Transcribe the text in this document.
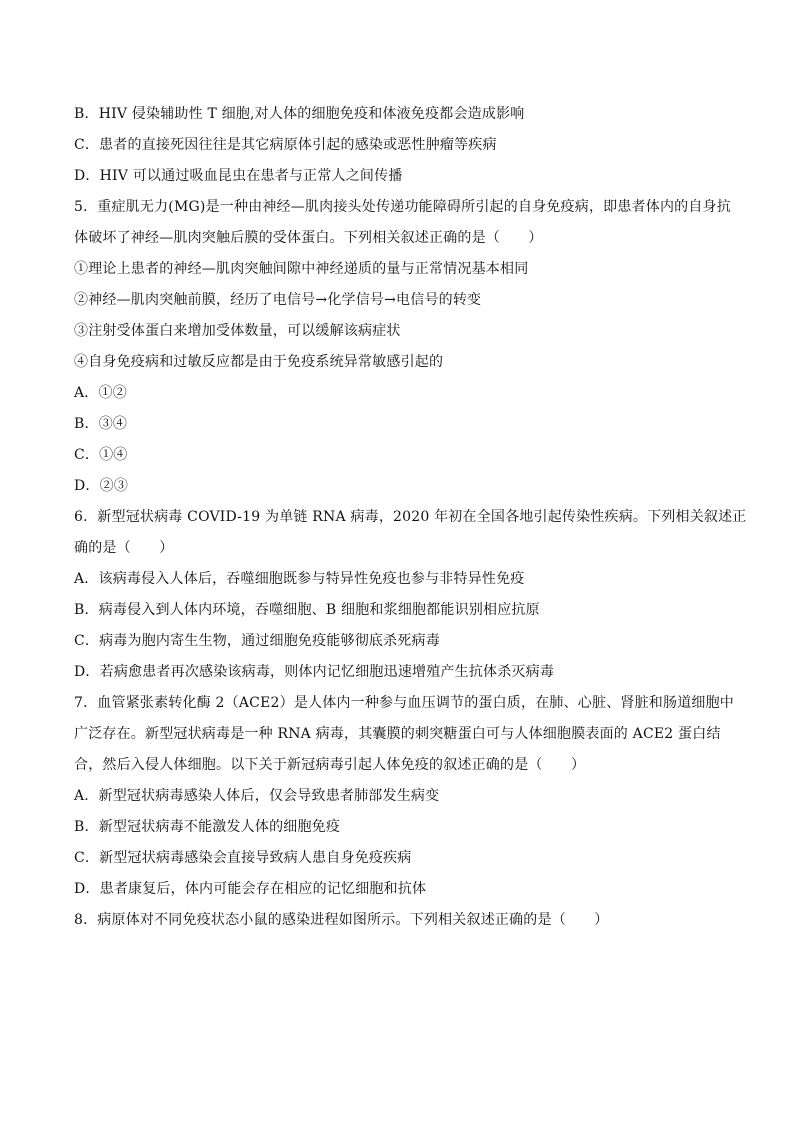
B．HIV 侵染辅助性 T 细胞,对人体的细胞免疫和体液免疫都会造成影响
C．患者的直接死因往往是其它病原体引起的感染或恶性肿瘤等疾病
D．HIV 可以通过吸血昆虫在患者与正常人之间传播
5．重症肌无力(MG)是一种由神经—肌肉接头处传递功能障碍所引起的自身免疫病，即患者体内的自身抗
体破坏了神经—肌肉突触后膜的受体蛋白。下列相关叙述正确的是（　　）
①理论上患者的神经—肌肉突触间隙中神经递质的量与正常情况基本相同
②神经—肌肉突触前膜，经历了电信号→化学信号→电信号的转变
③注射受体蛋白来增加受体数量，可以缓解该病症状
④自身免疫病和过敏反应都是由于免疫系统异常敏感引起的
A．①②
B．③④
C．①④
D．②③
6．新型冠状病毒 COVID-19 为单链 RNA 病毒，2020 年初在全国各地引起传染性疾病。下列相关叙述正
确的是（　　）
A．该病毒侵入人体后，吞噬细胞既参与特异性免疫也参与非特异性免疫
B．病毒侵入到人体内环境，吞噬细胞、B 细胞和浆细胞都能识别相应抗原
C．病毒为胞内寄生生物，通过细胞免疫能够彻底杀死病毒
D．若病愈患者再次感染该病毒，则体内记忆细胞迅速增殖产生抗体杀灭病毒
7．血管紧张素转化酶 2（ACE2）是人体内一种参与血压调节的蛋白质，在肺、心脏、肾脏和肠道细胞中
广泛存在。新型冠状病毒是一种 RNA 病毒，其囊膜的刺突糖蛋白可与人体细胞膜表面的 ACE2 蛋白结
合，然后入侵人体细胞。以下关于新冠病毒引起人体免疫的叙述正确的是（　　）
A．新型冠状病毒感染人体后，仅会导致患者肺部发生病变
B．新型冠状病毒不能激发人体的细胞免疫
C．新型冠状病毒感染会直接导致病人患自身免疫疾病
D．患者康复后，体内可能会存在相应的记忆细胞和抗体
8．病原体对不同免疫状态小鼠的感染进程如图所示。下列相关叙述正确的是（　　）
